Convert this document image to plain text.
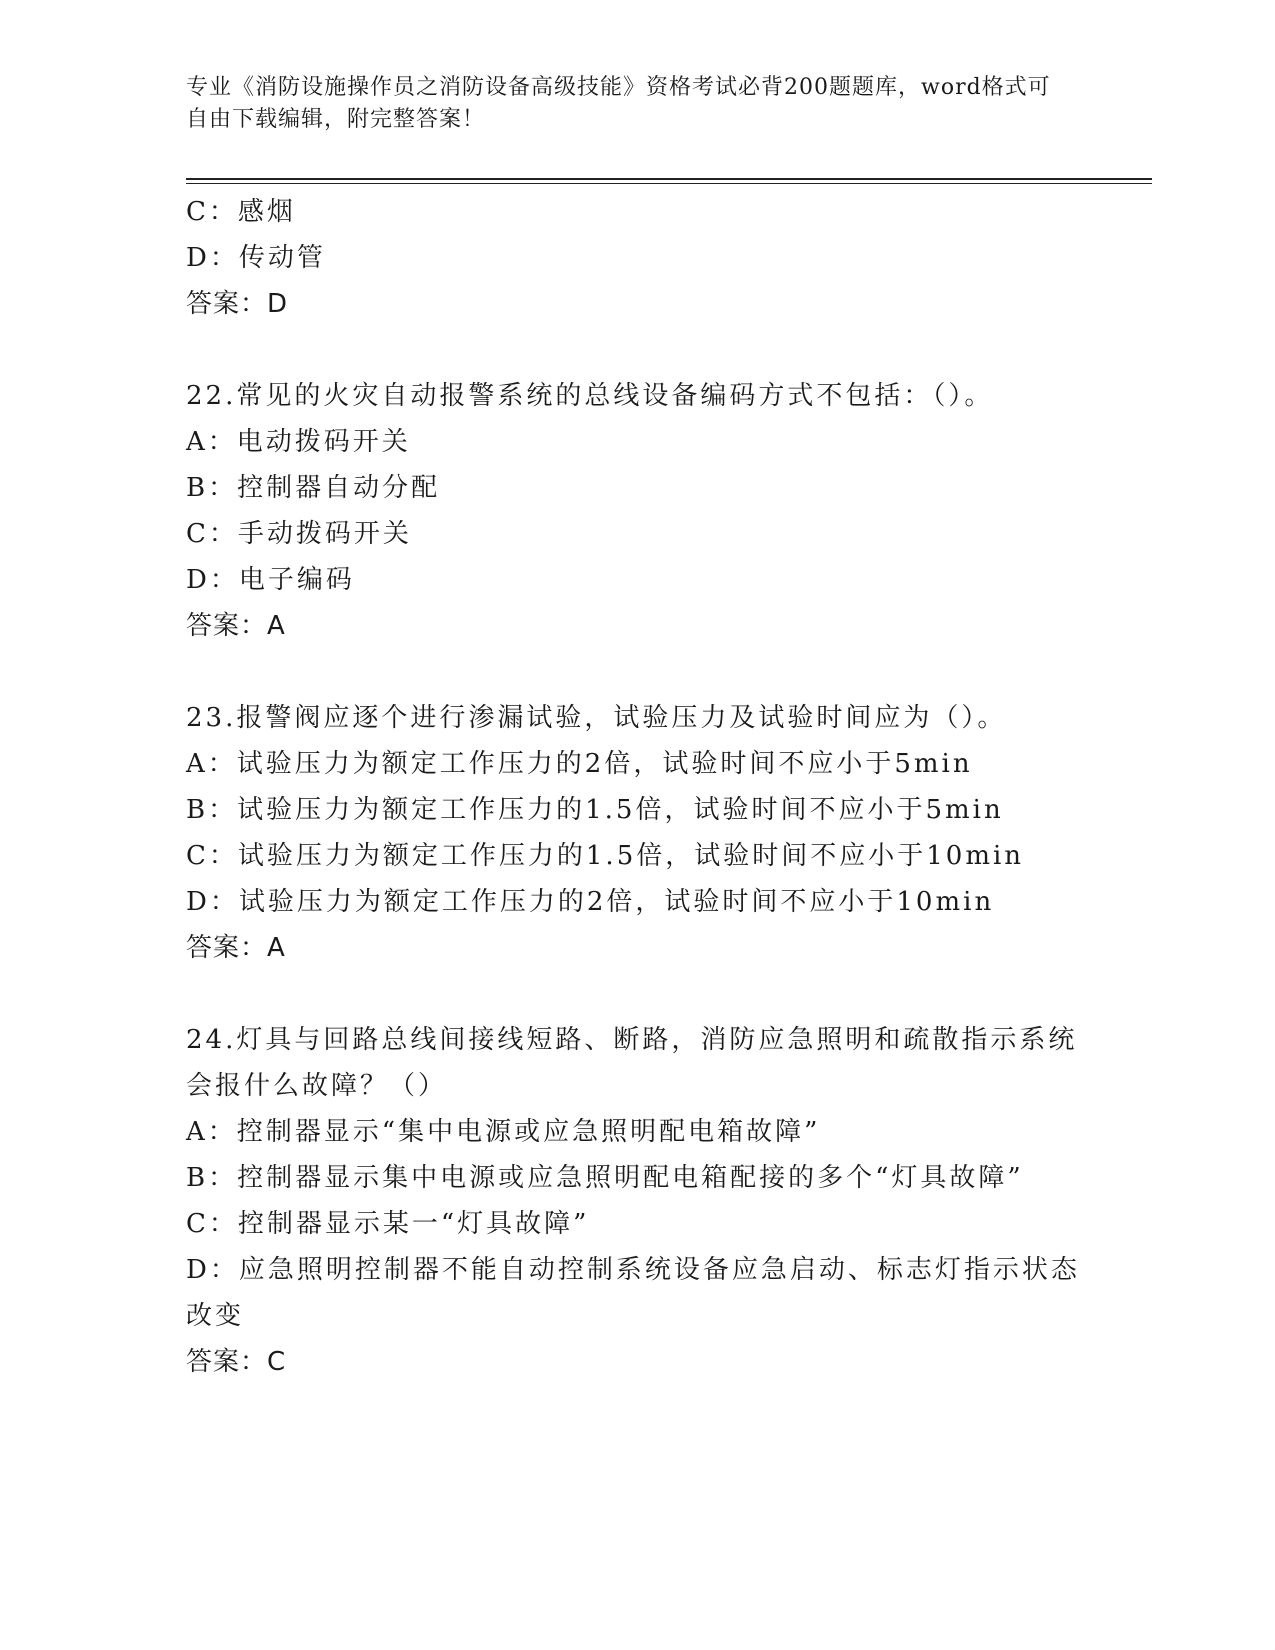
专业《消防设施操作员之消防设备高级技能》资格考试必背200题题库，word格式可自由下载编辑，附完整答案！
C：感烟
D：传动管
答案：D
22.常见的火灾自动报警系统的总线设备编码方式不包括：（）。
A：电动拨码开关
B：控制器自动分配
C：手动拨码开关
D：电子编码
答案：A
23.报警阀应逐个进行渗漏试验，试验压力及试验时间应为（）。
A：试验压力为额定工作压力的2倍，试验时间不应小于5min
B：试验压力为额定工作压力的1.5倍，试验时间不应小于5min
C：试验压力为额定工作压力的1.5倍，试验时间不应小于10min
D：试验压力为额定工作压力的2倍，试验时间不应小于10min
答案：A
24.灯具与回路总线间接线短路、断路，消防应急照明和疏散指示系统会报什么故障？（）
A：控制器显示“集中电源或应急照明配电箱故障”
B：控制器显示集中电源或应急照明配电箱配接的多个“灯具故障”
C：控制器显示某一“灯具故障”
D：应急照明控制器不能自动控制系统设备应急启动、标志灯指示状态改变
答案：C
